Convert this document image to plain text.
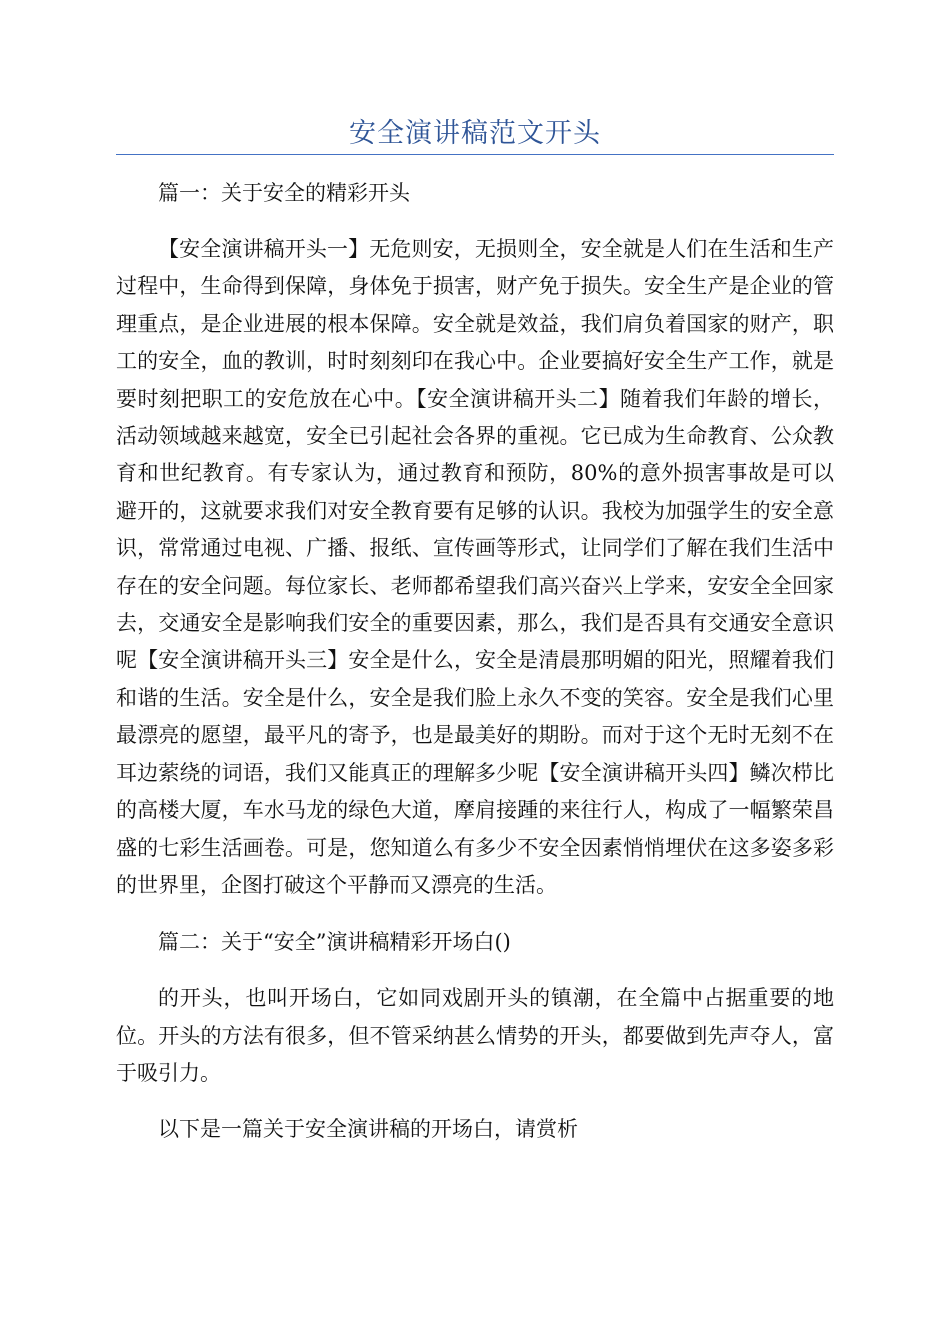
安全演讲稿范文开头

篇一：关于安全的精彩开头

【安全演讲稿开头一】无危则安，无损则全，安全就是人们在生活和生产过程中，生命得到保障，身体免于损害，财产免于损失。安全生产是企业的管理重点，是企业进展的根本保障。安全就是效益，我们肩负着国家的财产，职工的安全，血的教训，时时刻刻印在我心中。企业要搞好安全生产工作，就是要时刻把职工的安危放在心中。【安全演讲稿开头二】随着我们年龄的增长，活动领域越来越宽，安全已引起社会各界的重视。它已成为生命教育、公众教育和世纪教育。有专家认为，通过教育和预防，80%的意外损害事故是可以避开的，这就要求我们对安全教育要有足够的认识。我校为加强学生的安全意识，常常通过电视、广播、报纸、宣传画等形式，让同学们了解在我们生活中存在的安全问题。每位家长、老师都希望我们高兴奋兴上学来，安安全全回家去，交通安全是影响我们安全的重要因素，那么，我们是否具有交通安全意识呢【安全演讲稿开头三】安全是什么，安全是清晨那明媚的阳光，照耀着我们和谐的生活。安全是什么，安全是我们脸上永久不变的笑容。安全是我们心里最漂亮的愿望，最平凡的寄予，也是最美好的期盼。而对于这个无时无刻不在耳边萦绕的词语，我们又能真正的理解多少呢【安全演讲稿开头四】鳞次栉比的高楼大厦，车水马龙的绿色大道，摩肩接踵的来往行人，构成了一幅繁荣昌盛的七彩生活画卷。可是，您知道么有多少不安全因素悄悄埋伏在这多姿多彩的世界里，企图打破这个平静而又漂亮的生活。

篇二：关于“安全”演讲稿精彩开场白()

的开头，也叫开场白，它如同戏剧开头的镇潮，在全篇中占据重要的地位。开头的方法有很多，但不管采纳甚么情势的开头，都要做到先声夺人，富于吸引力。

以下是一篇关于安全演讲稿的开场白，请赏析
